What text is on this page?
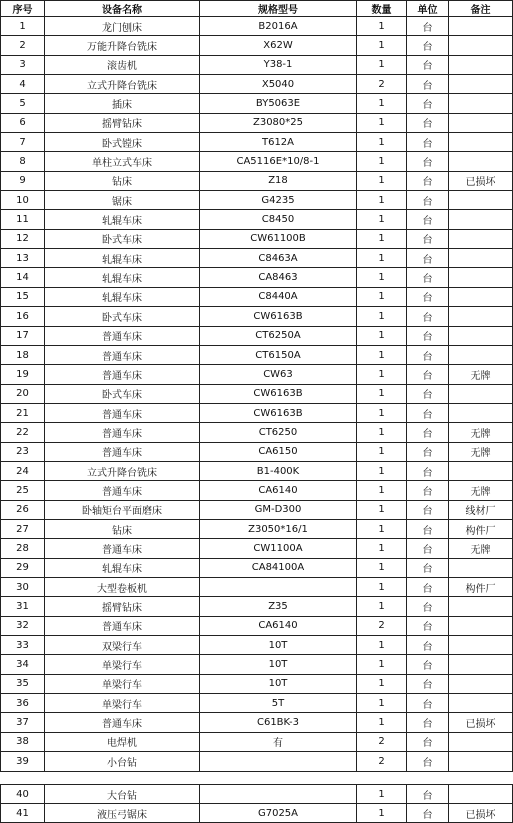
序号	设备名称	规格型号	数量	单位	备注
1	龙门刨床	B2016A	1	台	
2	万能升降台铣床	X62W	1	台	
3	滚齿机	Y38-1	1	台	
4	立式升降台铣床	X5040	2	台	
5	插床	BY5063E	1	台	
6	摇臂钻床	Z3080*25	1	台	
7	卧式镗床	T612A	1	台	
8	单柱立式车床	CA5116E*10/8-1	1	台	
9	钻床	Z18	1	台	已损坏
10	锯床	G4235	1	台	
11	轧辊车床	C8450	1	台	
12	卧式车床	CW61100B	1	台	
13	轧辊车床	C8463A	1	台	
14	轧辊车床	CA8463	1	台	
15	轧辊车床	C8440A	1	台	
16	卧式车床	CW6163B	1	台	
17	普通车床	CT6250A	1	台	
18	普通车床	CT6150A	1	台	
19	普通车床	CW63	1	台	无牌
20	卧式车床	CW6163B	1	台	
21	普通车床	CW6163B	1	台	
22	普通车床	CT6250	1	台	无牌
23	普通车床	CA6150	1	台	无牌
24	立式升降台铣床	B1-400K	1	台	
25	普通车床	CA6140	1	台	无牌
26	卧轴矩台平面磨床	GM-D300	1	台	线材厂
27	钻床	Z3050*16/1	1	台	构件厂
28	普通车床	CW1100A	1	台	无牌
29	轧辊车床	CA84100A	1	台	
30	大型卷板机		1	台	构件厂
31	摇臂钻床	Z35	1	台	
32	普通车床	CA6140	2	台	
33	双梁行车	10T	1	台	
34	单梁行车	10T	1	台	
35	单梁行车	10T	1	台	
36	单梁行车	5T	1	台	
37	普通车床	C61BK-3	1	台	已损坏
38	电焊机	有	2	台	
39	小台钻		2	台	
40	大台钻		1	台	
41	液压弓锯床	G7025A	1	台	已损坏
